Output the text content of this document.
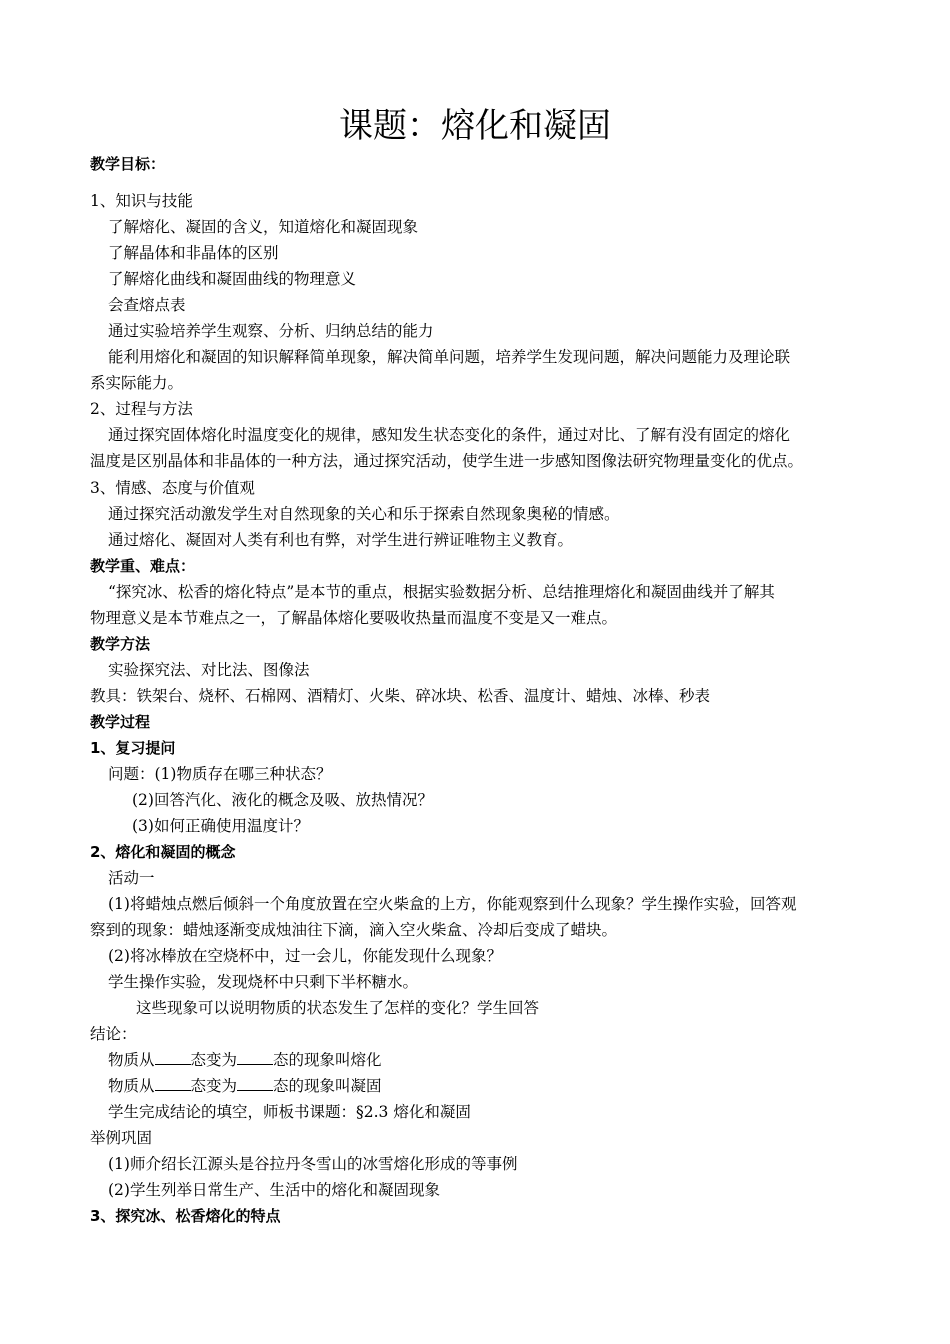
课题：熔化和凝固
教学目标：
1、知识与技能
了解熔化、凝固的含义，知道熔化和凝固现象
了解晶体和非晶体的区别
了解熔化曲线和凝固曲线的物理意义
会查熔点表
通过实验培养学生观察、分析、归纳总结的能力
能利用熔化和凝固的知识解释简单现象，解决简单问题，培养学生发现问题，解决问题能力及理论联
系实际能力。
2、过程与方法
通过探究固体熔化时温度变化的规律，感知发生状态变化的条件，通过对比、了解有没有固定的熔化
温度是区别晶体和非晶体的一种方法，通过探究活动，使学生进一步感知图像法研究物理量变化的优点。
3、情感、态度与价值观
通过探究活动激发学生对自然现象的关心和乐于探索自然现象奥秘的情感。
通过熔化、凝固对人类有利也有弊，对学生进行辨证唯物主义教育。
教学重、难点：
“探究冰、松香的熔化特点”是本节的重点，根据实验数据分析、总结推理熔化和凝固曲线并了解其
物理意义是本节难点之一，了解晶体熔化要吸收热量而温度不变是又一难点。
教学方法
实验探究法、对比法、图像法
教具：铁架台、烧杯、石棉网、酒精灯、火柴、碎冰块、松香、温度计、蜡烛、冰棒、秒表
教学过程
1、复习提问
问题：(1)物质存在哪三种状态？
(2)回答汽化、液化的概念及吸、放热情况？
(3)如何正确使用温度计？
2、熔化和凝固的概念
活动一
(1)将蜡烛点燃后倾斜一个角度放置在空火柴盒的上方，你能观察到什么现象？学生操作实验，回答观
察到的现象：蜡烛逐渐变成烛油往下滴，滴入空火柴盒、冷却后变成了蜡块。
(2)将冰棒放在空烧杯中，过一会儿，你能发现什么现象？
学生操作实验，发现烧杯中只剩下半杯糖水。
这些现象可以说明物质的状态发生了怎样的变化？学生回答
结论：
物质从 态变为 态的现象叫熔化
物质从 态变为 态的现象叫凝固
学生完成结论的填空，师板书课题：§2.3 熔化和凝固
举例巩固
(1)师介绍长江源头是谷拉丹冬雪山的冰雪熔化形成的等事例
(2)学生列举日常生产、生活中的熔化和凝固现象
3、探究冰、松香熔化的特点
